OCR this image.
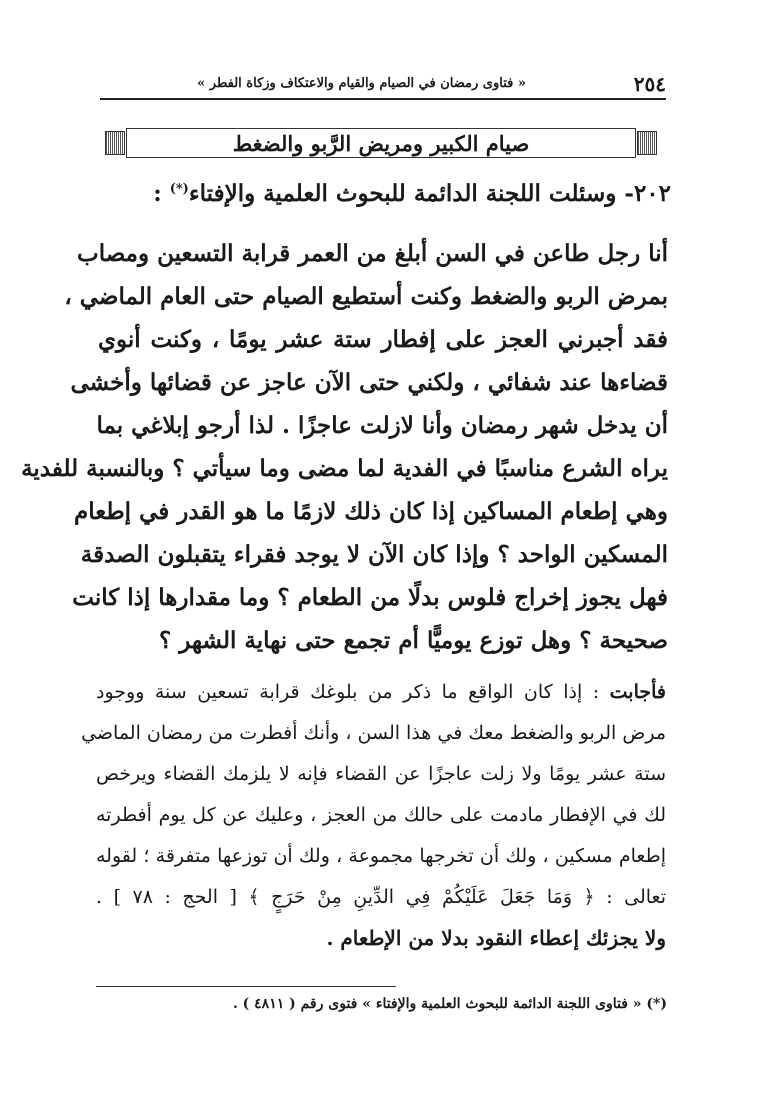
٢٥٤
« فتاوى رمضان في الصيام والقيام والاعتكاف وزكاة الفطر »
صيام الكبير ومريض الرَّبو والضغط
٢٠٢- وسئلت اللجنة الدائمة للبحوث العلمية والإفتاء(*) :
أنا رجل طاعن في السن أبلغ من العمر قرابة التسعين ومصاب
بمرض الربو والضغط وكنت أستطيع الصيام حتى العام الماضي ،
فقد أجبرني العجز على إفطار ستة عشر يومًا ، وكنت أنوي
قضاءها عند شفائي ، ولكني حتى الآن عاجز عن قضائها وأخشى
أن يدخل شهر رمضان وأنا لازلت عاجزًا . لذا أرجو إبلاغي بما
يراه الشرع مناسبًا في الفدية لما مضى وما سيأتي ؟ وبالنسبة للفدية
وهي إطعام المساكين إذا كان ذلك لازمًا ما هو القدر في إطعام
المسكين الواحد ؟ وإذا كان الآن لا يوجد فقراء يتقبلون الصدقة
فهل يجوز إخراج فلوس بدلًا من الطعام ؟ وما مقدارها إذا كانت
صحيحة ؟ وهل توزع يوميًّا أم تجمع حتى نهاية الشهر ؟
فأجابت : إذا كان الواقع ما ذكر من بلوغك قرابة تسعين سنة ووجود
مرض الربو والضغط معك في هذا السن ، وأنك أفطرت من رمضان الماضي
ستة عشر يومًا ولا زلت عاجزًا عن القضاء فإنه لا يلزمك القضاء ويرخص
لك في الإفطار مادمت على حالك من العجز ، وعليك عن كل يوم أفطرته
إطعام مسكين ، ولك أن تخرجها مجموعة ، ولك أن توزعها متفرقة ؛ لقوله
تعالى : ﴿ وَمَا جَعَلَ عَلَيْكُمْ فِي الدِّينِ مِنْ حَرَجٍ ﴾ [ الحج : ٧٨ ] .
ولا يجزئك إعطاء النقود بدلا من الإطعام .
(*) « فتاوى اللجنة الدائمة للبحوث العلمية والإفتاء » فتوى رقم ( ٤٨١١ ) .
